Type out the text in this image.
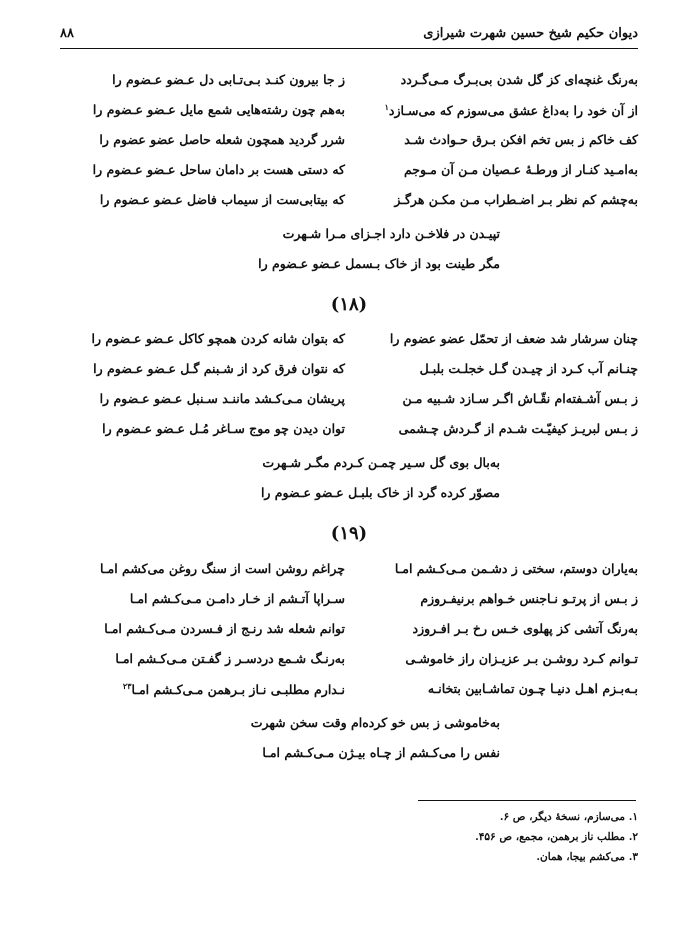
دیوان حکیم شیخ حسین شهرت شیرازی
۸۸
به‌رنگ غنچه‌ای کز گل شدن بی‌بـرگ مـی‌گـردد
ز جا بیرون کنـد بـی‌تـابی دل عـضو عـضوم را
از آن خود را به‌داغ عشق می‌سوزم که می‌سـازد$^۱$
به‌هم چون رشته‌هایی شمع مایل عـضو عـضوم را
کف خاکم ز بس تخم افکن بـرق حـوادث شـد
شرر گردید همچون شعله حاصل عضو عضوم را
به‌امـید کنـار از ورطـهٔ عـصیان مـن آن مـوجم
که دستی هست بر دامان ساحل عـضو عـضوم را
به‌چشم کم نظر بـر اضـطراب مـن مکـن هرگـز
که بیتابی‌ست از سیماب فاضل عـضو عـضوم را
تپیـدن در فلاخـن دارد اجـزای مـرا شـهرت
مگر طینت بود از خاک بـسمل عـضو عـضوم را
(۱۸)
چنان سرشار شد ضعف از تحمّل عضو عضوم را
که بتوان شانه کردن همچو کاکل عـضو عـضوم را
چنـانم آب کـرد از چیـدن گـل خجلـت بلبـل
که نتوان فرق کرد از شـبنم گـل عـضو عـضوم را
ز بـس آشـفته‌ام نقّـاش اگـر سـازد شـبیه مـن
پریشان مـی‌کـشد ماننـد سـنبل عـضو عـضوم را
ز بـس لبریـز کیفیّـت شـدم از گـردش چـشمی
توان دیدن چو موج سـاغر مُـل عـضو عـضوم را
به‌بال بوی گل سـیر چمـن کـردم مگـر شـهرت
مصوّر کرده گرد از خاک بلبـل عـضو عـضوم را
(۱۹)
به‌یاران دوستم، سختی ز دشـمن مـی‌کـشم امـا
چراغم روشن است از سنگ روغن می‌کشم امـا
ز بـس از پرتـو نـاجنس خـواهم برنیفـروزم
سـراپا آتـشم از خـار دامـن مـی‌کـشم امـا
به‌رنگ آتشی کز پهلوی خـس رخ بـر افـروزد
توانم شعله شد رنـج از فـسردن مـی‌کـشم امـا
تـوانم کـرد روشـن بـر عزیـزان راز خاموشـی
به‌رنـگ شـمع دردسـر ز گفـتن مـی‌کـشم امـا
بـه‌بـزم اهـل دنیـا چـون تماشـابین بتخانـه
نـدارم مطلبـی نـاز بـرهمن مـی‌کـشم امـا$^{۲۳}$
به‌خاموشی ز بس خو کرده‌ام وقت سخن شهرت
نفس را می‌کـشم از چـاه بیـژن مـی‌کـشم امـا
۱. می‌سازم، نسخهٔ دیگر، ص ۶.
۲. مطلب ناز برهمن، مجمع، ص ۴۵۶.
۳. می‌کشم بیجا، همان.
